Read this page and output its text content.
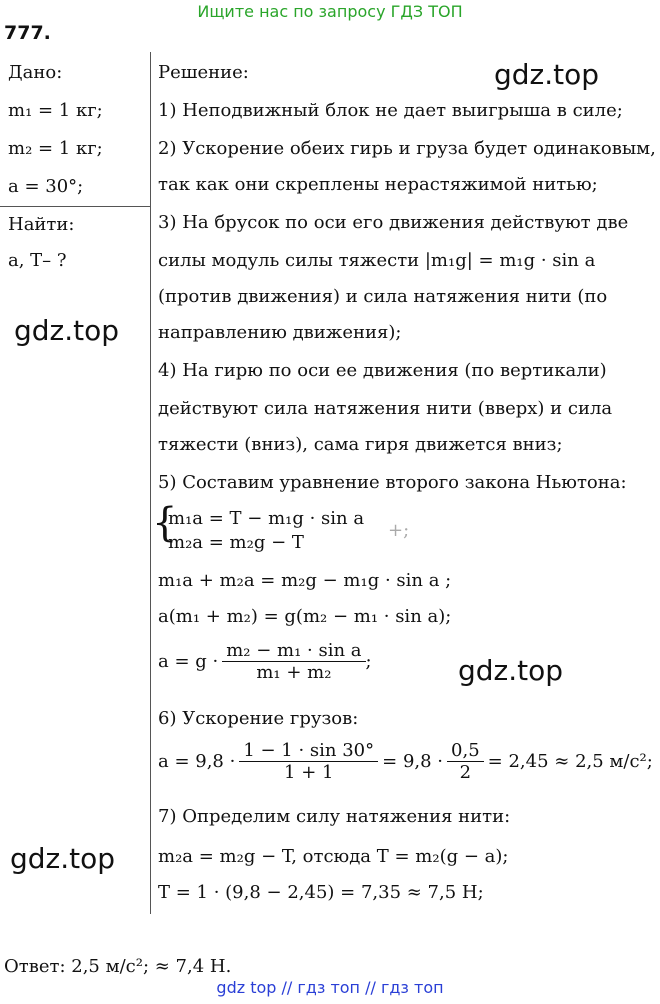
Ищите нас по запросу ГДЗ ТОП
777.
Дано:
m₁ = 1 кг;
m₂ = 1 кг;
a = 30°;
Найти:
a, T– ?
Решение:
1) Неподвижный блок не дает выигрыша в силе;
2) Ускорение обеих гирь и груза будет одинаковым,
так как они скреплены нерастяжимой нитью;
3) На брусок по оси его движения действуют две
силы модуль силы тяжести |m₁g| = m₁g · sin a
(против движения) и сила натяжения нити (по
направлению движения);
4) На гирю по оси ее движения (по вертикали)
действуют сила натяжения нити (вверх) и сила
тяжести (вниз), сама гиря движется вниз;
5) Составим уравнение второго закона Ньютона:
{
m₁a = T − m₁g · sin a
m₂a = m₂g − T
+;
m₁a + m₂a = m₂g − m₁g · sin a ;
a(m₁ + m₂) = g(m₂ − m₁ · sin a);
$a = g \cdot \frac{\text{m₂ − m₁ · sin a}}{\text{m₁ + m₂}}$ ;
6) Ускорение грузов:
$a = 9,8 \cdot \frac{1 - 1 \cdot \sin 30^\circ}{1 + 1} = 9,8 \cdot \frac{0,5}{2} = 2,45 \approx 2,5$ м/с²;
7) Определим силу натяжения нити:
m₂a = m₂g − T, отсюда T = m₂(g − a);
T = 1 · (9,8 − 2,45) = 7,35 ≈ 7,5 Н;
Ответ: 2,5 м/с²; ≈ 7,4 Н.
gdz.top
gdz.top
gdz.top
gdz.top
gdz top // гдз топ // гдз топ
